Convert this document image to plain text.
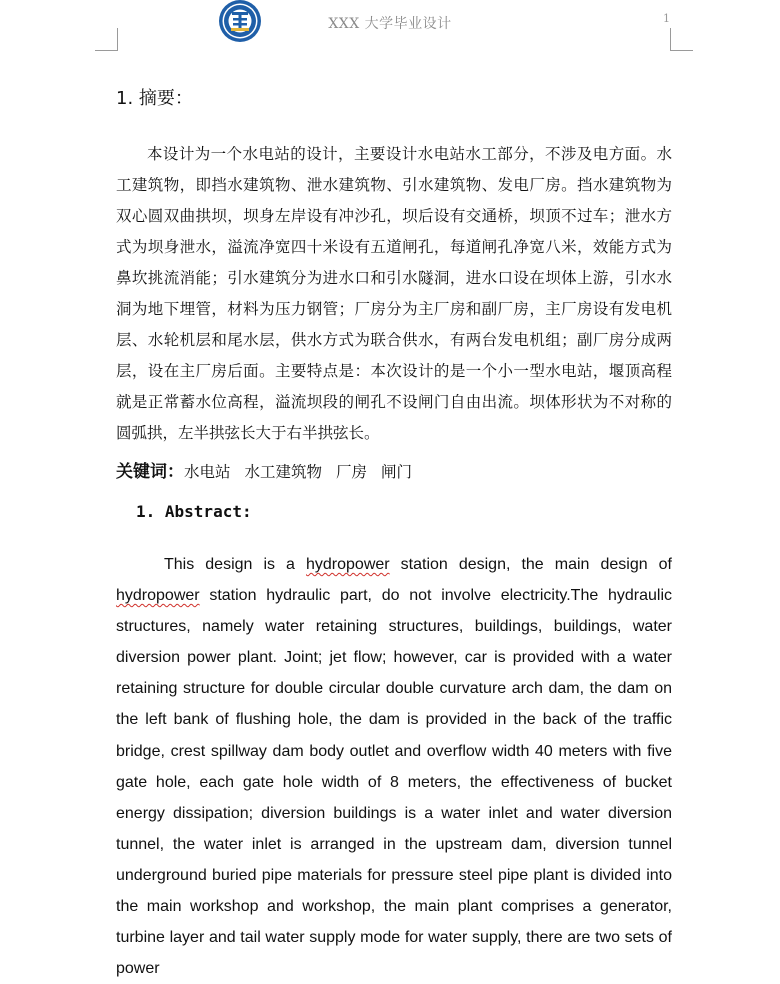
XXX 大学毕业设计	1
1. 摘要：

本设计为一个水电站的设计，主要设计水电站水工部分，不涉及电方面。水工建筑物，即挡水建筑物、泄水建筑物、引水建筑物、发电厂房。挡水建筑物为双心圆双曲拱坝，坝身左岸设有冲沙孔，坝后设有交通桥，坝顶不过车；泄水方式为坝身泄水，溢流净宽四十米设有五道闸孔，每道闸孔净宽八米，效能方式为鼻坎挑流消能；引水建筑分为进水口和引水隧洞，进水口设在坝体上游，引水水洞为地下埋管，材料为压力钢管；厂房分为主厂房和副厂房，主厂房设有发电机层、水轮机层和尾水层，供水方式为联合供水，有两台发电机组；副厂房分成两层，设在主厂房后面。主要特点是：本次设计的是一个小一型水电站，堰顶高程就是正常蓄水位高程，溢流坝段的闸孔不设闸门自由出流。坝体形状为不对称的圆弧拱，左半拱弦长大于右半拱弦长。

关键词：水电站 水工建筑物 厂房 闸门
1. Abstract:

This design is a hydropower station design, the main design of hydropower station hydraulic part, do not involve electricity.The hydraulic structures, namely water retaining structures, buildings, buildings, water diversion power plant. Joint; jet flow; however, car is provided with a water retaining structure for double circular double curvature arch dam, the dam on the left bank of flushing hole, the dam is provided in the back of the traffic bridge, crest spillway dam body outlet and overflow width 40 meters with five gate hole, each gate hole width of 8 meters, the effectiveness of bucket energy dissipation; diversion buildings is a water inlet and water diversion tunnel, the water inlet is arranged in the upstream dam, diversion tunnel underground buried pipe materials for pressure steel pipe plant is divided into the main workshop and workshop, the main plant comprises a generator, turbine layer and tail water supply mode for water supply, there are two sets of power
